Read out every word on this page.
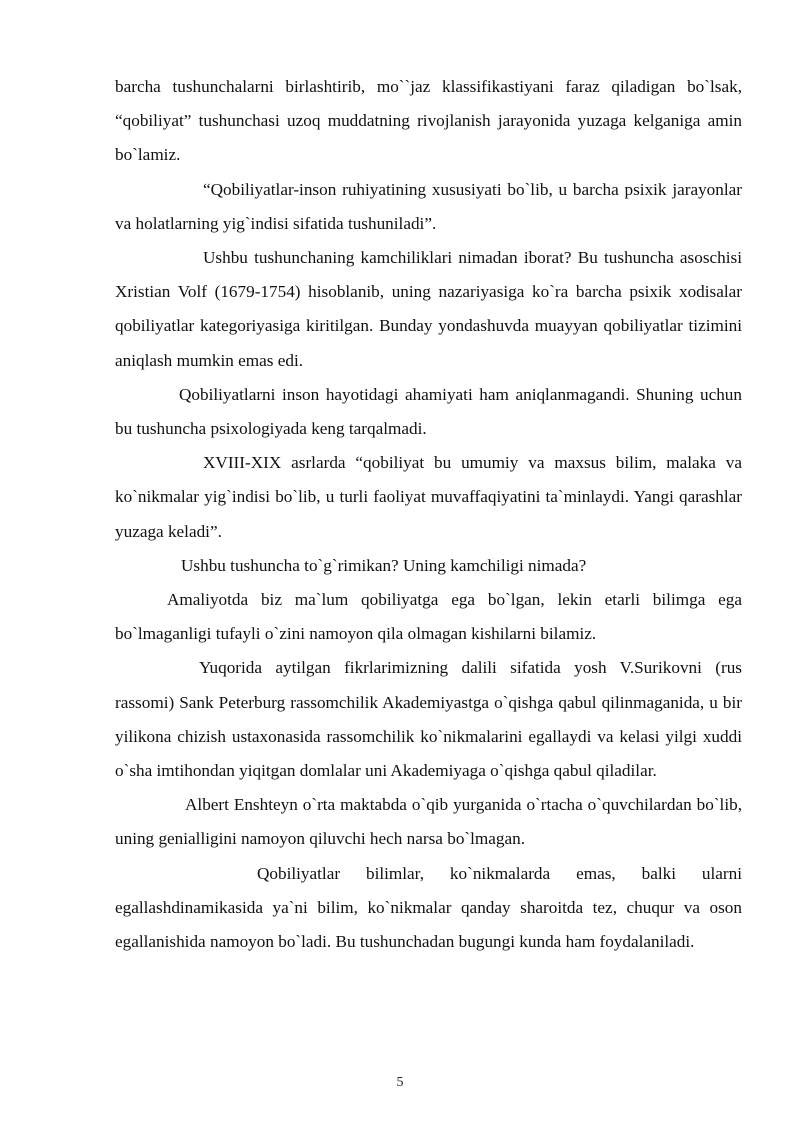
barcha tushunchalarni birlashtirib, mo``jaz klassifikastiyani faraz qiladigan bo`lsak, “qobiliyat” tushunchasi uzoq muddatning rivojlanish jarayonida yuzaga kelganiga amin bo`lamiz.

“Qobiliyatlar-inson ruhiyatining xususiyati bo`lib, u barcha psixik jarayonlar va holatlarning yig`indisi sifatida tushuniladi”.

Ushbu tushunchaning kamchiliklari nimadan iborat? Bu tushuncha asoschisi Xristian Volf (1679-1754) hisoblanib, uning nazariyasiga ko`ra barcha psixik xodisalar qobiliyatlar kategoriyasiga kiritilgan. Bunday yondashuvda muayyan qobiliyatlar tizimini aniqlash mumkin emas edi.

Qobiliyatlarni inson hayotidagi ahamiyati ham aniqlanmagandi. Shuning uchun bu tushuncha psixologiyada keng tarqalmadi.

XVIII-XIX asrlarda “qobiliyat bu umumiy va maxsus bilim, malaka va ko`nikmalar yig`indisi bo`lib, u turli faoliyat muvaffaqiyatini ta`minlaydi. Yangi qarashlar yuzaga keladi”.

Ushbu tushuncha to`g`rimikan? Uning kamchiligi nimada?

Amaliyotda biz ma`lum qobiliyatga ega bo`lgan, lekin etarli bilimga ega bo`lmaganligi tufayli o`zini namoyon qila olmagan kishilarni bilamiz.

Yuqorida aytilgan fikrlarimizning dalili sifatida yosh V.Surikovni (rus rassomi) Sank Peterburg rassomchilik Akademiyastga o`qishga qabul qilinmaganida, u bir yilikona chizish ustaxonasida rassomchilik ko`nikmalarini egallaydi va kelasi yilgi xuddi o`sha imtihondan yiqitgan domlalar uni Akademiyaga o`qishga qabul qiladilar.

Albert Enshteyn o`rta maktabda o`qib yurganida o`rtacha o`quvchilardan bo`lib, uning genialligini namoyon qiluvchi hech narsa bo`lmagan.

Qobiliyatlar bilimlar, ko`nikmalarda emas, balki ularni egallashdinamikasida ya`ni bilim, ko`nikmalar qanday sharoitda tez, chuqur va oson egallanishida namoyon bo`ladi. Bu tushunchadan bugungi kunda ham foydalaniladi.

5
